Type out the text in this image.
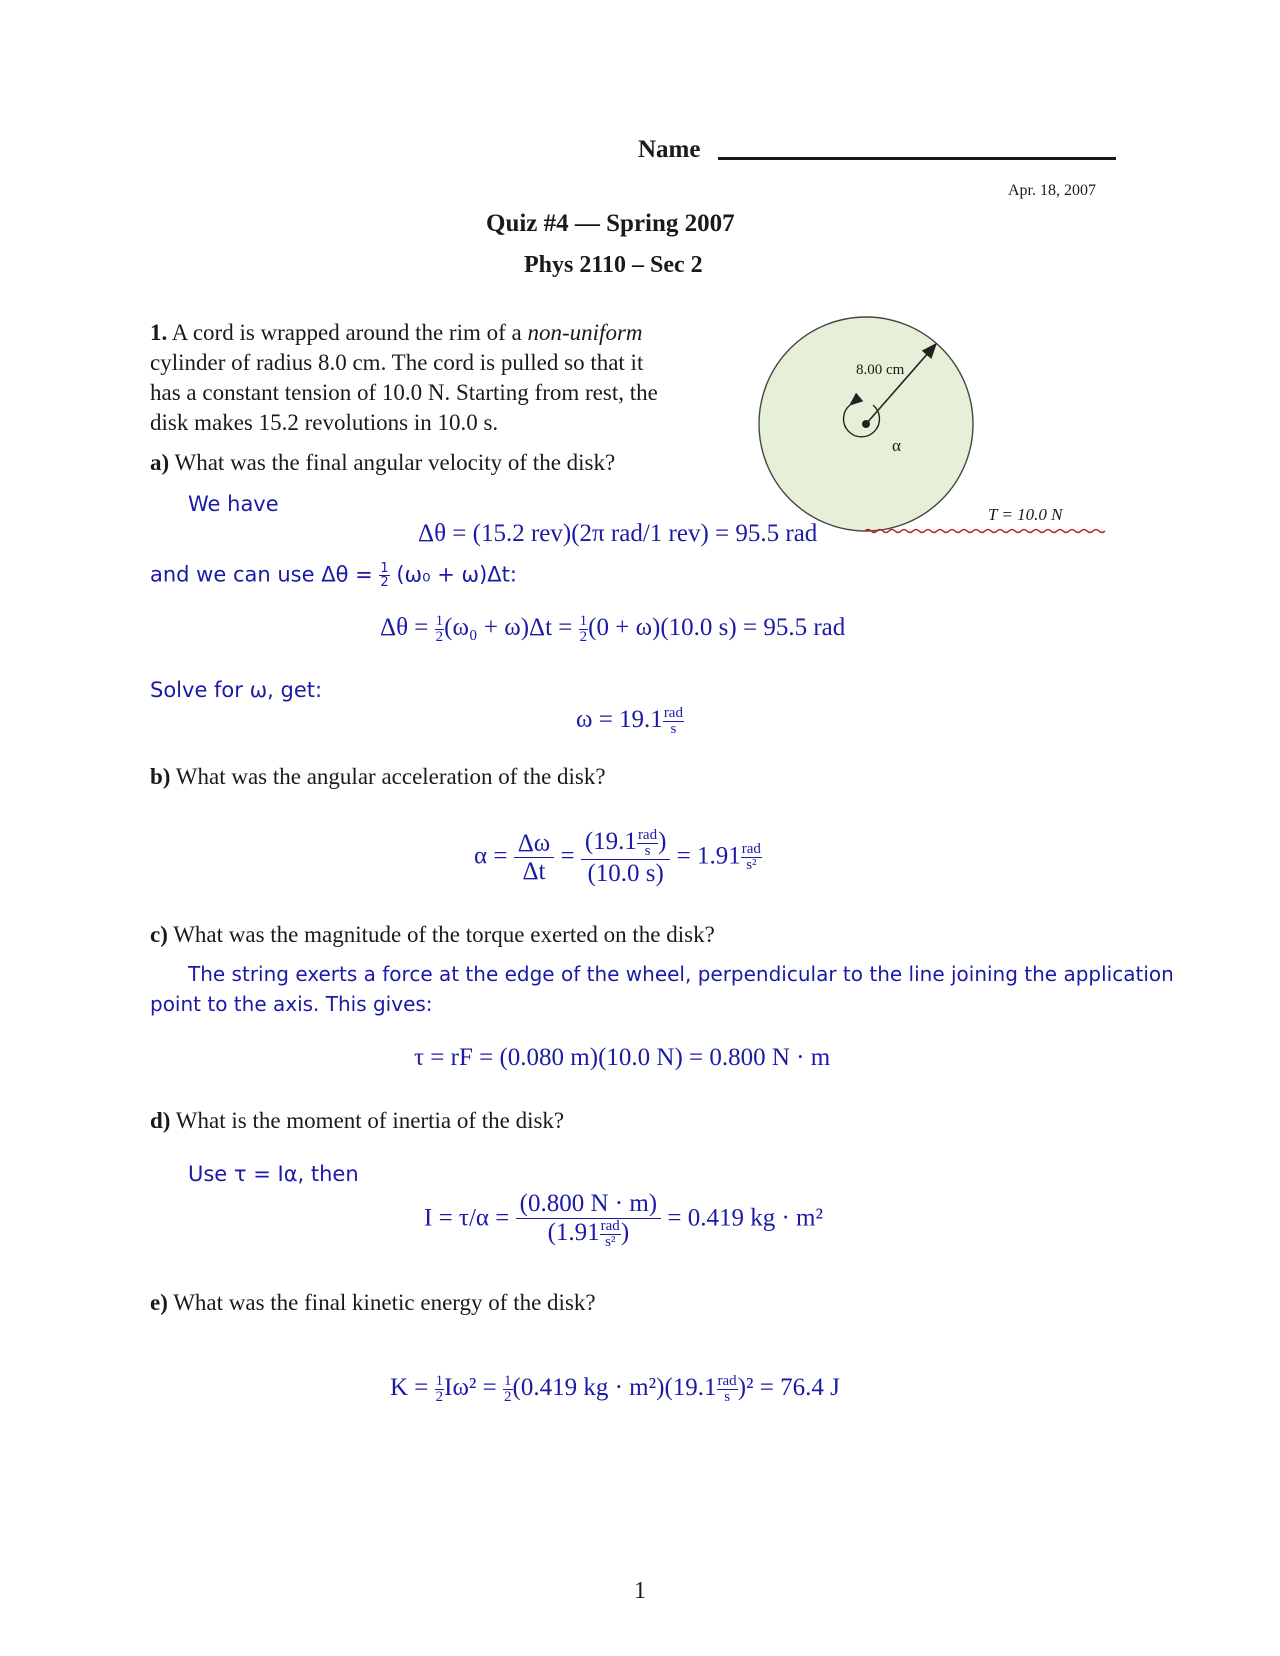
Name
Apr. 18, 2007
Quiz #4 — Spring 2007
Phys 2110 – Sec 2
1. A cord is wrapped around the rim of a non-uniform
cylinder of radius 8.0 cm. The cord is pulled so that it
has a constant tension of 10.0 N. Starting from rest, the
disk makes 15.2 revolutions in 10.0 s.
8.00 cm
α
T = 10.0 N
a) What was the final angular velocity of the disk?
We have
Δθ = (15.2 rev)(2π rad/1 rev) = 95.5 rad
and we can use $\Delta\theta = \frac{1}{2} (\omega_0 + \omega)\Delta t$:
$\Delta\theta = \frac{1}{2} (\omega_0 + \omega)\Delta t = \frac{1}{2} (0 + \omega)(10.0$ s) = 95.5 rad
Solve for ω, get:
$\omega = 19.1 \frac{\text{rad}}{s}$
b) What was the angular acceleration of the disk?
$\alpha = \frac{\Delta\omega}{\Delta t} = \frac{(19.1 \frac{\text{rad}}{s} )}{(10.0 s)} = 1.91 \frac{\text{rad}}{\text{s²}}$
c) What was the magnitude of the torque exerted on the disk?
The string exerts a force at the edge of the wheel, perpendicular to the line joining the application
point to the axis. This gives:
τ = rF = (0.080 m)(10.0 N) = 0.800 N · m
d) What is the moment of inertia of the disk?
Use τ = Iα, then
$I = \tau/\alpha = \frac{(0.800 N \cdot m)}{(1.91 \frac{\text{rad}}{\text{s²}} )} = 0.419$ kg · m²
e) What was the final kinetic energy of the disk?
$K = \frac{1}{2} I\omega^2 = \frac{1}{2} (0.419$ kg · $m^2)(19.1 \frac{\text{rad}}{s} )^2 = 76.4$ J
1
